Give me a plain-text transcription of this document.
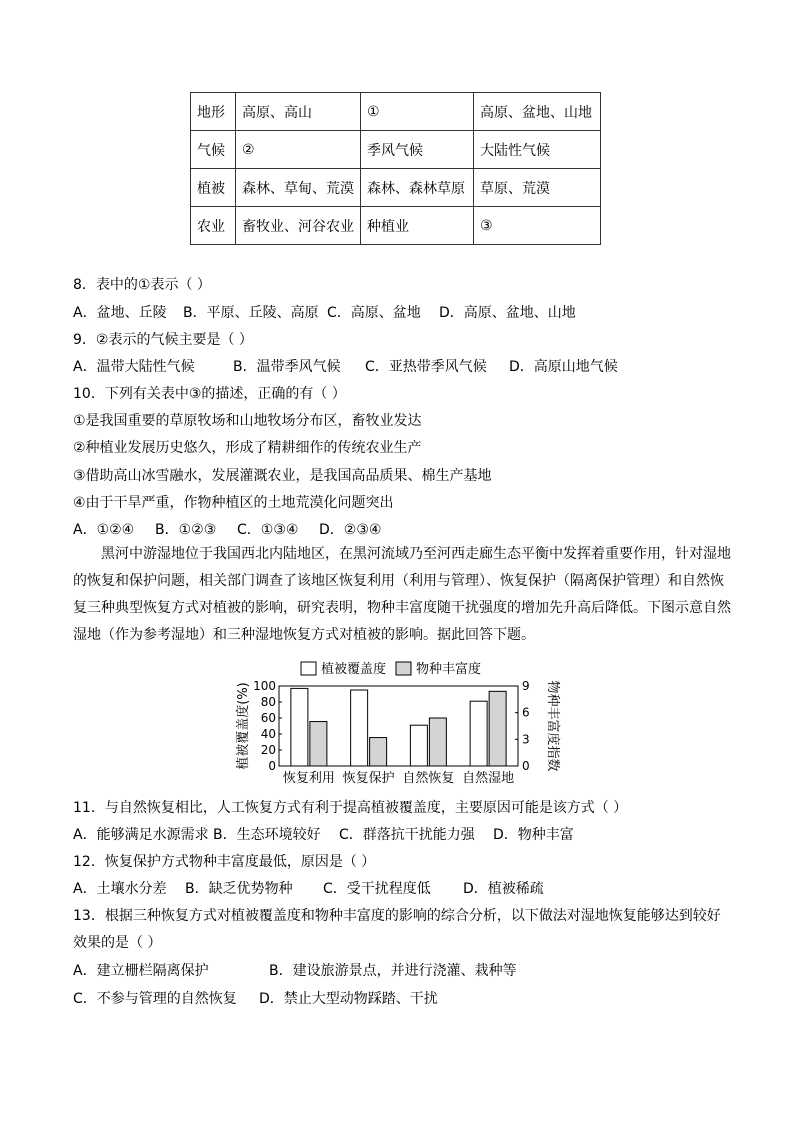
地形	高原、高山	①	高原、盆地、山地
气候	②	季风气候	大陆性气候
植被	森林、草甸、荒漠	森林、森林草原	草原、荒漠
农业	畜牧业、河谷农业	种植业	③
8．表中的①表示（ ）
A．盆地、丘陵 B．平原、丘陵、高原 C．高原、盆地 D．高原、盆地、山地
9．②表示的气候主要是（ ）
A．温带大陆性气候	B．温带季风气候 C．亚热带季风气候 D．高原山地气候
10．下列有关表中③的描述，正确的有（ ）
①是我国重要的草原牧场和山地牧场分布区，畜牧业发达
②种植业发展历史悠久，形成了精耕细作的传统农业生产
③借助高山冰雪融水，发展灌溉农业，是我国高品质果、棉生产基地
④由于干旱严重，作物种植区的土地荒漠化问题突出
A．①②④ B．①②③ C．①③④ D．②③④
黑河中游湿地位于我国西北内陆地区，在黑河流域乃至河西走廊生态平衡中发挥着重要作用，针对湿地的恢复和保护问题，相关部门调查了该地区恢复利用（利用与管理）、恢复保护（隔离保护管理）和自然恢复三种典型恢复方式对植被的影响，研究表明，物种丰富度随干扰强度的增加先升高后降低。下图示意自然湿地（作为参考湿地）和三种湿地恢复方式对植被的影响。据此回答下题。
0
20
40
60
80
100
0
3
6
9
植被覆盖度(%)	物种丰富度指数
恢复利用 恢复保护 自然恢复 自然湿地
植被覆盖度 物种丰富度
11．与自然恢复相比，人工恢复方式有利于提高植被覆盖度，主要原因可能是该方式（ ）
A．能够满足水源需求 B．生态环境较好 C．群落抗干扰能力强 D．物种丰富
12．恢复保护方式物种丰富度最低，原因是（ ）
A．土壤水分差 B．缺乏优势物种 C．受干扰程度低 D．植被稀疏
13．根据三种恢复方式对植被覆盖度和物种丰富度的影响的综合分析，以下做法对湿地恢复能够达到较好
效果的是（ ）
A．建立栅栏隔离保护	B．建设旅游景点，并进行浇灌、栽种等
C．不参与管理的自然恢复 D．禁止大型动物踩踏、干扰
